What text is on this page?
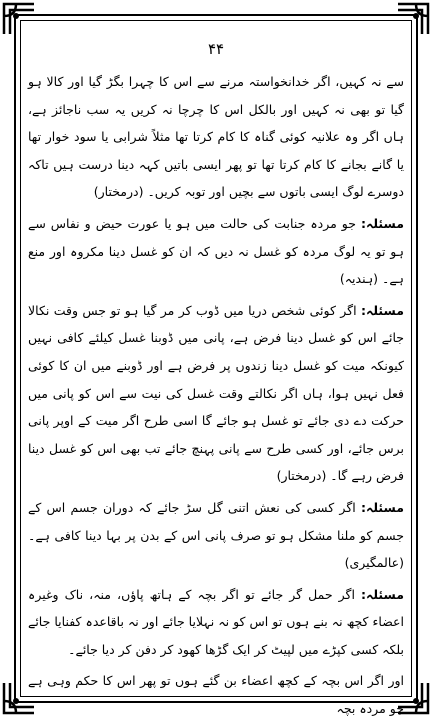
۴۴

سے نہ کہیں، اگر خدانخواستہ مرنے سے اس کا چہرا بگڑ گیا اور کالا ہو گیا تو بھی نہ کہیں اور بالکل اس کا چرچا نہ کریں یہ سب ناجائز ہے، ہاں اگر وہ علانیہ کوئی گناہ کا کام کرتا تھا مثلاً شرابی یا سود خوار تھا یا گانے بجانے کا کام کرتا تھا تو پھر ایسی باتیں کہہ دینا درست ہیں تاکہ دوسرے لوگ ایسی باتوں سے بچیں اور توبہ کریں۔ (درمختار)

مسئلہ: جو مردہ جنابت کی حالت میں ہو یا عورت حیض و نفاس سے ہو تو یہ لوگ مردہ کو غسل نہ دیں کہ ان کو غسل دینا مکروہ اور منع ہے۔ (ہندیہ)

مسئلہ: اگر کوئی شخص دریا میں ڈوب کر مر گیا ہو تو جس وقت نکالا جائے اس کو غسل دینا فرض ہے، پانی میں ڈوبنا غسل کیلئے کافی نہیں کیونکہ میت کو غسل دینا زندوں پر فرض ہے اور ڈوبنے میں ان کا کوئی فعل نہیں ہوا، ہاں اگر نکالتے وقت غسل کی نیت سے اس کو پانی میں حرکت دے دی جائے تو غسل ہو جائے گا اسی طرح اگر میت کے اوپر پانی برس جائے، اور کسی طرح سے پانی پہنچ جائے تب بھی اس کو غسل دینا فرض رہے گا۔ (درمختار)

مسئلہ: اگر کسی کی نعش اتنی گل سڑ جائے کہ دوران جسم اس کے جسم کو ملنا مشکل ہو تو صرف پانی اس کے بدن پر بہا دینا کافی ہے۔ (عالمگیری)

مسئلہ: اگر حمل گر جائے تو اگر بچہ کے ہاتھ پاؤں، منہ، ناک وغیرہ اعضاء کچھ نہ بنے ہوں تو اس کو نہ نہلایا جائے اور نہ باقاعدہ کفنایا جائے بلکہ کسی کپڑے میں لپیٹ کر ایک گڑھا کھود کر دفن کر دیا جائے۔

اور اگر اس بچہ کے کچھ اعضاء بن گئے ہوں تو پھر اس کا حکم وہی ہے جو مردہ بچہ
